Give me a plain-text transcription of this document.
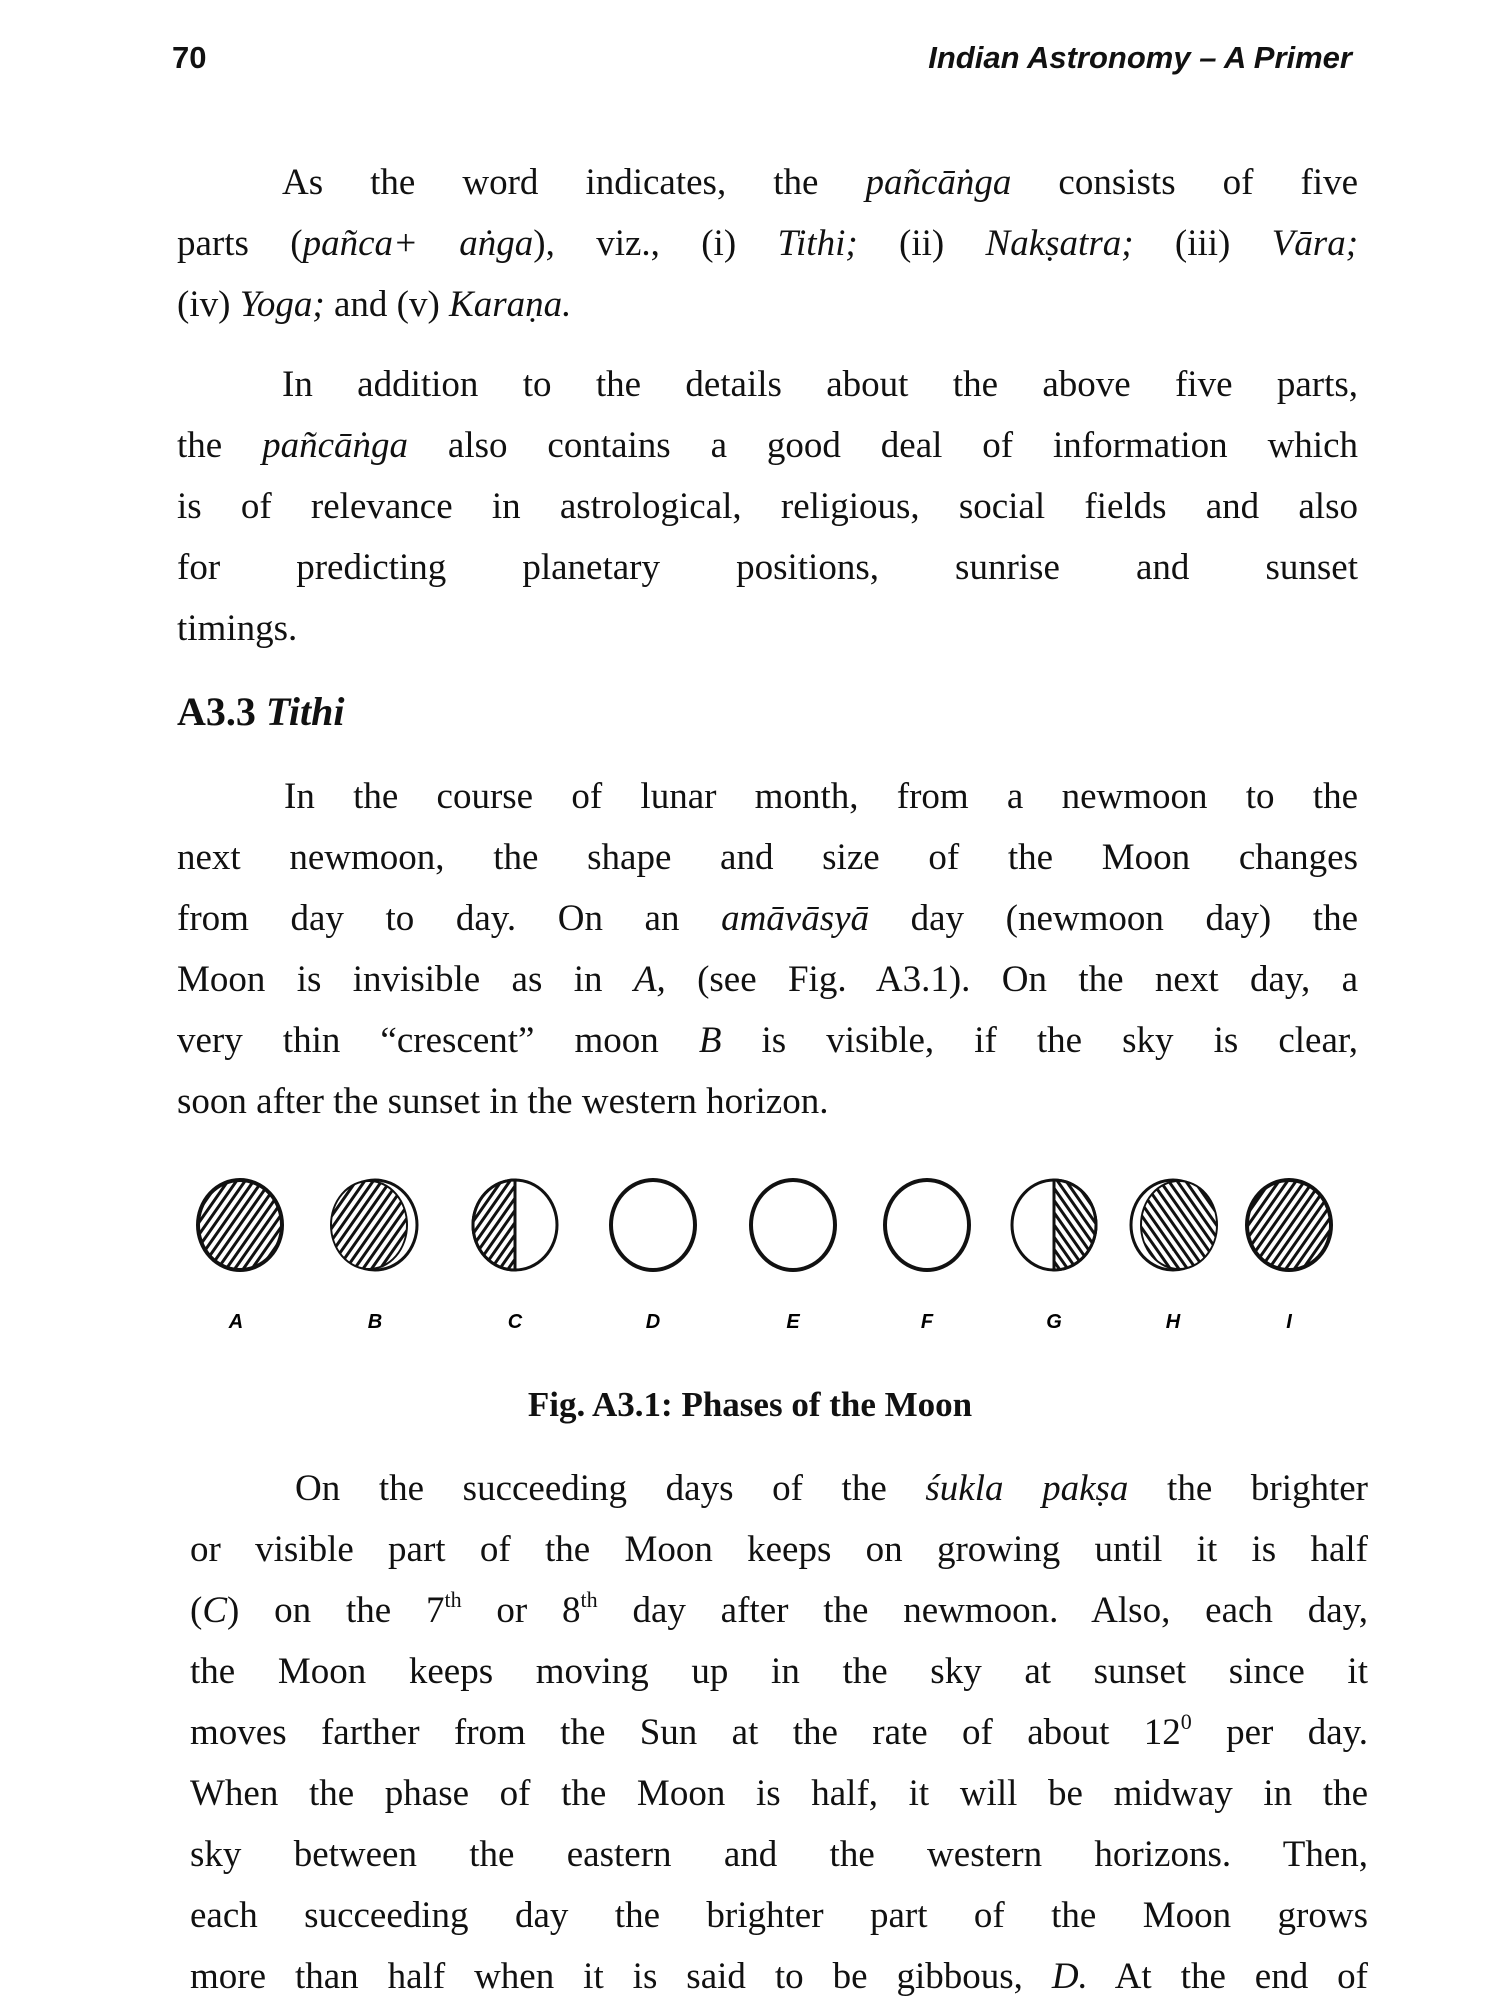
70	Indian Astronomy – A Primer
As the word indicates, the pañcāṅga consists of five
parts (pañca+ aṅga), viz., (i) Tithi; (ii) Nakṣatra; (iii) Vāra;
(iv) Yoga; and (v) Karaṇa.
In addition to the details about the above five parts,
the pañcāṅga also contains a good deal of information which
is of relevance in astrological, religious, social fields and also
for predicting planetary positions, sunrise and sunset
timings.
In the course of lunar month, from a newmoon to the
next newmoon, the shape and size of the Moon changes
from day to day. On an amāvāsyā day (newmoon day) the
Moon is invisible as in A, (see Fig. A3.1). On the next day, a
very thin “crescent” moon B is visible, if the sky is clear,
soon after the sunset in the western horizon.
On the succeeding days of the śukla pakṣa the brighter
or visible part of the Moon keeps on growing until it is half
(C) on the 7th or 8th day after the newmoon. Also, each day,
the Moon keeps moving up in the sky at sunset since it
moves farther from the Sun at the rate of about $12^0$ per day.
When the phase of the Moon is half, it will be midway in the
sky between the eastern and the western horizons. Then,
each succeeding day the brighter part of the Moon grows
more than half when it is said to be gibbous, D. At the end of
A3.3 Tithi
A	B	C	D	E	F	G	H	I
Fig. A3.1: Phases of the Moon
